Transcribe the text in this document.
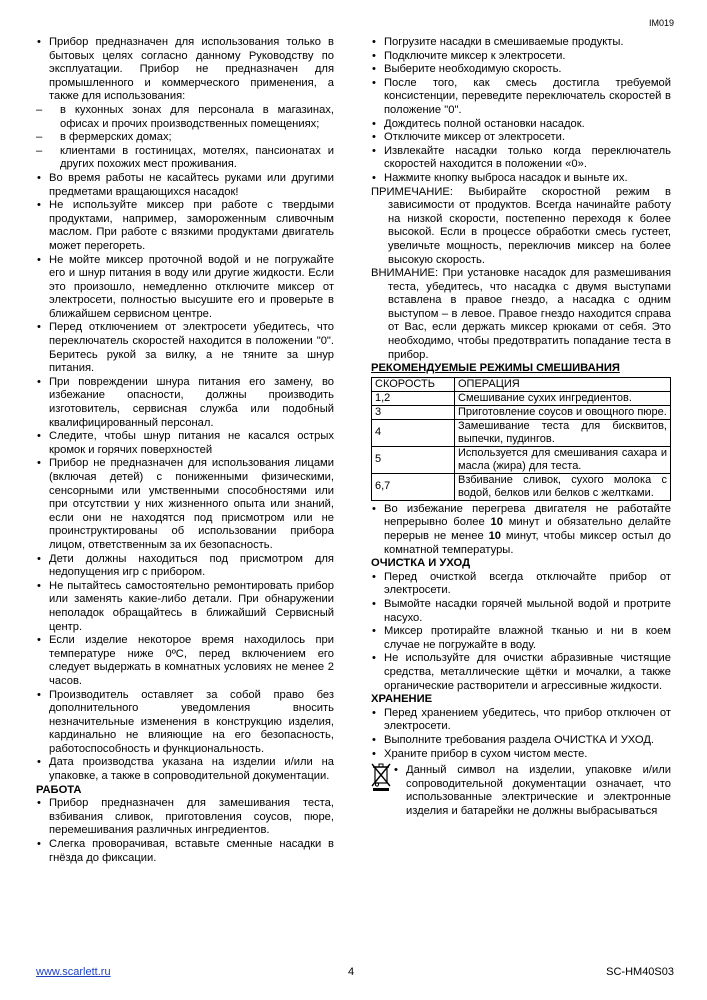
IM019

• Прибор предназначен для использования только в бытовых целях согласно данному Руководству по эксплуатации. Прибор не предназначен для промышленного и коммерческого применения, а также для использования:

– в кухонных зонах для персонала в магазинах, офисах и прочих производственных помещениях;

– в фермерских домах;

– клиентами в гостиницах, мотелях, пансионатах и других похожих мест проживания.

• Во время работы не касайтесь руками или другими предметами вращающихся насадок!

• Не используйте миксер при работе с твердыми продуктами, например, замороженным сливочным маслом. При работе с вязкими продуктами двигатель может перегореть.

• Не мойте миксер проточной водой и не погружайте его и шнур питания в воду или другие жидкости. Если это произошло, немедленно отключите миксер от электросети, полностью высушите его и проверьте в ближайшем сервисном центре.

• Перед отключением от электросети убедитесь, что переключатель скоростей находится в положении "0". Беритесь рукой за вилку, а не тяните за шнур питания.

• При повреждении шнура питания его замену, во избежание опасности, должны производить изготовитель, сервисная служба или подобный квалифицированный персонал.

• Следите, чтобы шнур питания не касался острых кромок и горячих поверхностей

• Прибор не предназначен для использования лицами (включая детей) с пониженными физическими, сенсорными или умственными способностями или при отсутствии у них жизненного опыта или знаний, если они не находятся под присмотром или не проинструктированы об использовании прибора лицом, ответственным за их безопасность.

• Дети должны находиться под присмотром для недопущения игр с прибором.

• Не пытайтесь самостоятельно ремонтировать прибор или заменять какие-либо детали. При обнаружении неполадок обращайтесь в ближайший Сервисный центр.

• Если изделие некоторое время находилось при температуре ниже 0ºC, перед включением его следует выдержать в комнатных условиях не менее 2 часов.

• Производитель оставляет за собой право без дополнительного уведомления вносить незначительные изменения в конструкцию изделия, кардинально не влияющие на его безопасность, работоспособность и функциональность.

• Дата производства указана на изделии и/или на упаковке, а также в сопроводительной документации.

РАБОТА

• Прибор предназначен для замешивания теста, взбивания сливок, приготовления соусов, пюре, перемешивания различных ингредиентов.

• Слегка проворачивая, вставьте сменные насадки в гнёзда до фиксации.

• Погрузите насадки в смешиваемые продукты.

• Подключите миксер к электросети.

• Выберите необходимую скорость.

• После того, как смесь достигла требуемой консистенции, переведите переключатель скоростей в положение "0".

• Дождитесь полной остановки насадок.

• Отключите миксер от электросети.

• Извлекайте насадки только когда переключатель скоростей находится в положении «0».

• Нажмите кнопку выброса насадок и выньте их.

ПРИМЕЧАНИЕ: Выбирайте скоростной режим в зависимости от продуктов. Всегда начинайте работу на низкой скорости, постепенно переходя к более высокой. Если в процессе обработки смесь густеет, увеличьте мощность, переключив миксер на более высокую скорость.

ВНИМАНИЕ: При установке насадок для размешивания теста, убедитесь, что насадка с двумя выступами вставлена в правое гнездо, а насадка с одним выступом – в левое. Правое гнездо находится справа от Вас, если держать миксер крюками от себя. Это необходимо, чтобы предотвратить попадание теста в прибор.

РЕКОМЕНДУЕМЫЕ РЕЖИМЫ СМЕШИВАНИЯ

СКОРОСТЬ	ОПЕРАЦИЯ
1,2	Смешивание сухих ингредиентов.
3	Приготовление соусов и овощного пюре.
4	Замешивание теста для бисквитов, выпечки, пудингов.
5	Используется для смешивания сахара и масла (жира) для теста.
6,7	Взбивание сливок, сухого молока с водой, белков или белков с желтками.

• Во избежание перегрева двигателя не работайте непрерывно более 10 минут и обязательно делайте перерыв не менее 10 минут, чтобы миксер остыл до комнатной температуры.

ОЧИСТКА И УХОД

• Перед очисткой всегда отключайте прибор от электросети.

• Вымойте насадки горячей мыльной водой и протрите насухо.

• Миксер протирайте влажной тканью и ни в коем случае не погружайте в воду.

• Не используйте для очистки абразивные чистящие средства, металлические щётки и мочалки, а также органические растворители и агрессивные жидкости.

ХРАНЕНИЕ

• Перед хранением убедитесь, что прибор отключен от электросети.

• Выполните требования раздела ОЧИСТКА И УХОД.

• Храните прибор в сухом чистом месте.

• Данный символ на изделии, упаковке и/или сопроводительной документации означает, что использованные электрические и электронные изделия и батарейки не должны выбрасываться

www.scarlett.ru	4	SC-HM40S03
